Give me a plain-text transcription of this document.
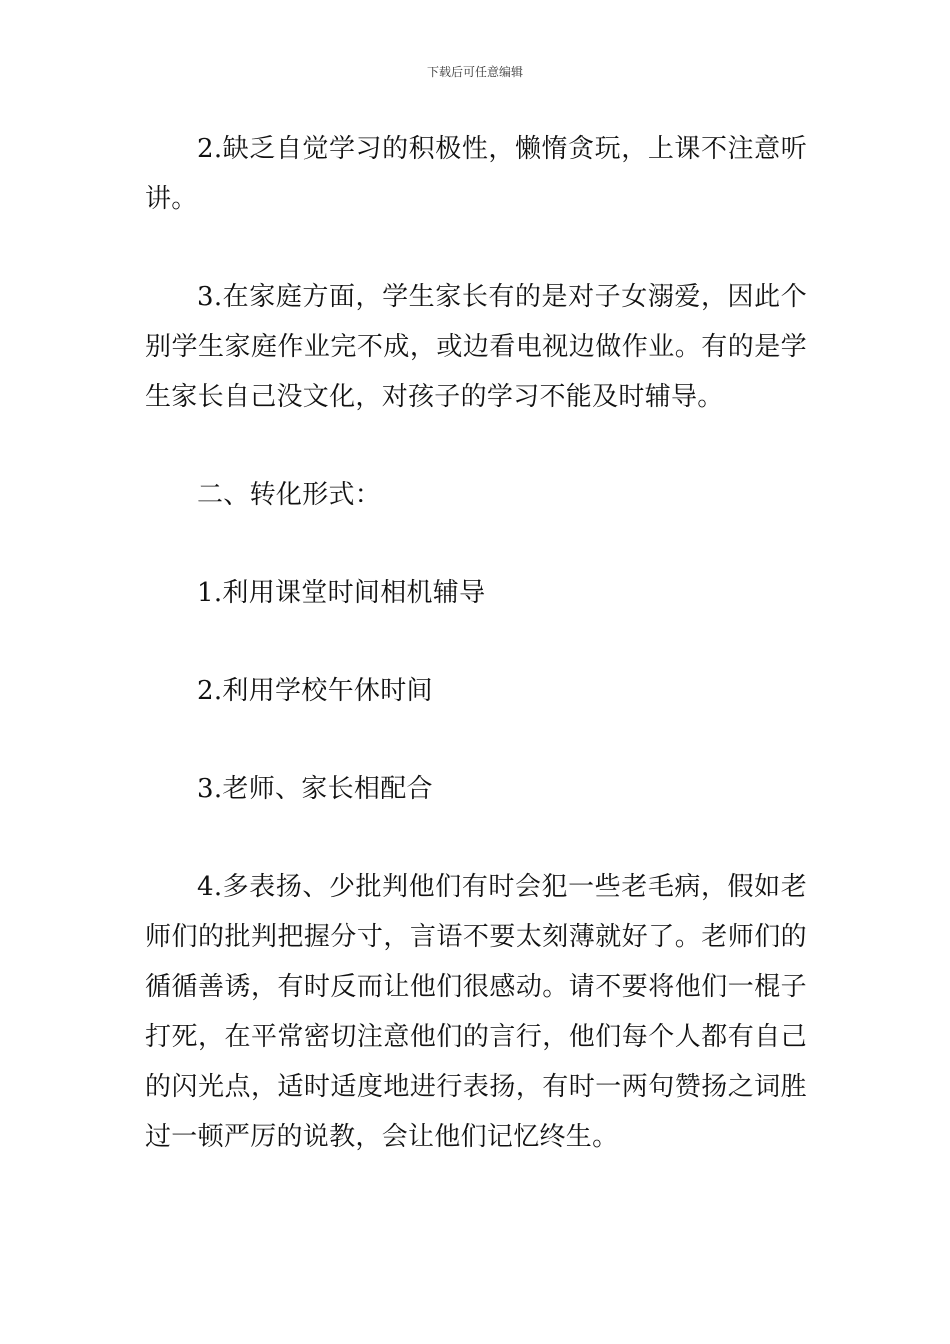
下载后可任意编辑

2.缺乏自觉学习的积极性，懒惰贪玩，上课不注意听讲。

3.在家庭方面，学生家长有的是对子女溺爱，因此个别学生家庭作业完不成，或边看电视边做作业。有的是学生家长自己没文化，对孩子的学习不能及时辅导。

二、转化形式：

1.利用课堂时间相机辅导

2.利用学校午休时间

3.老师、家长相配合

4.多表扬、少批判他们有时会犯一些老毛病，假如老师们的批判把握分寸，言语不要太刻薄就好了。老师们的循循善诱，有时反而让他们很感动。请不要将他们一棍子打死，在平常密切注意他们的言行，他们每个人都有自己的闪光点，适时适度地进行表扬，有时一两句赞扬之词胜过一顿严厉的说教，会让他们记忆终生。
